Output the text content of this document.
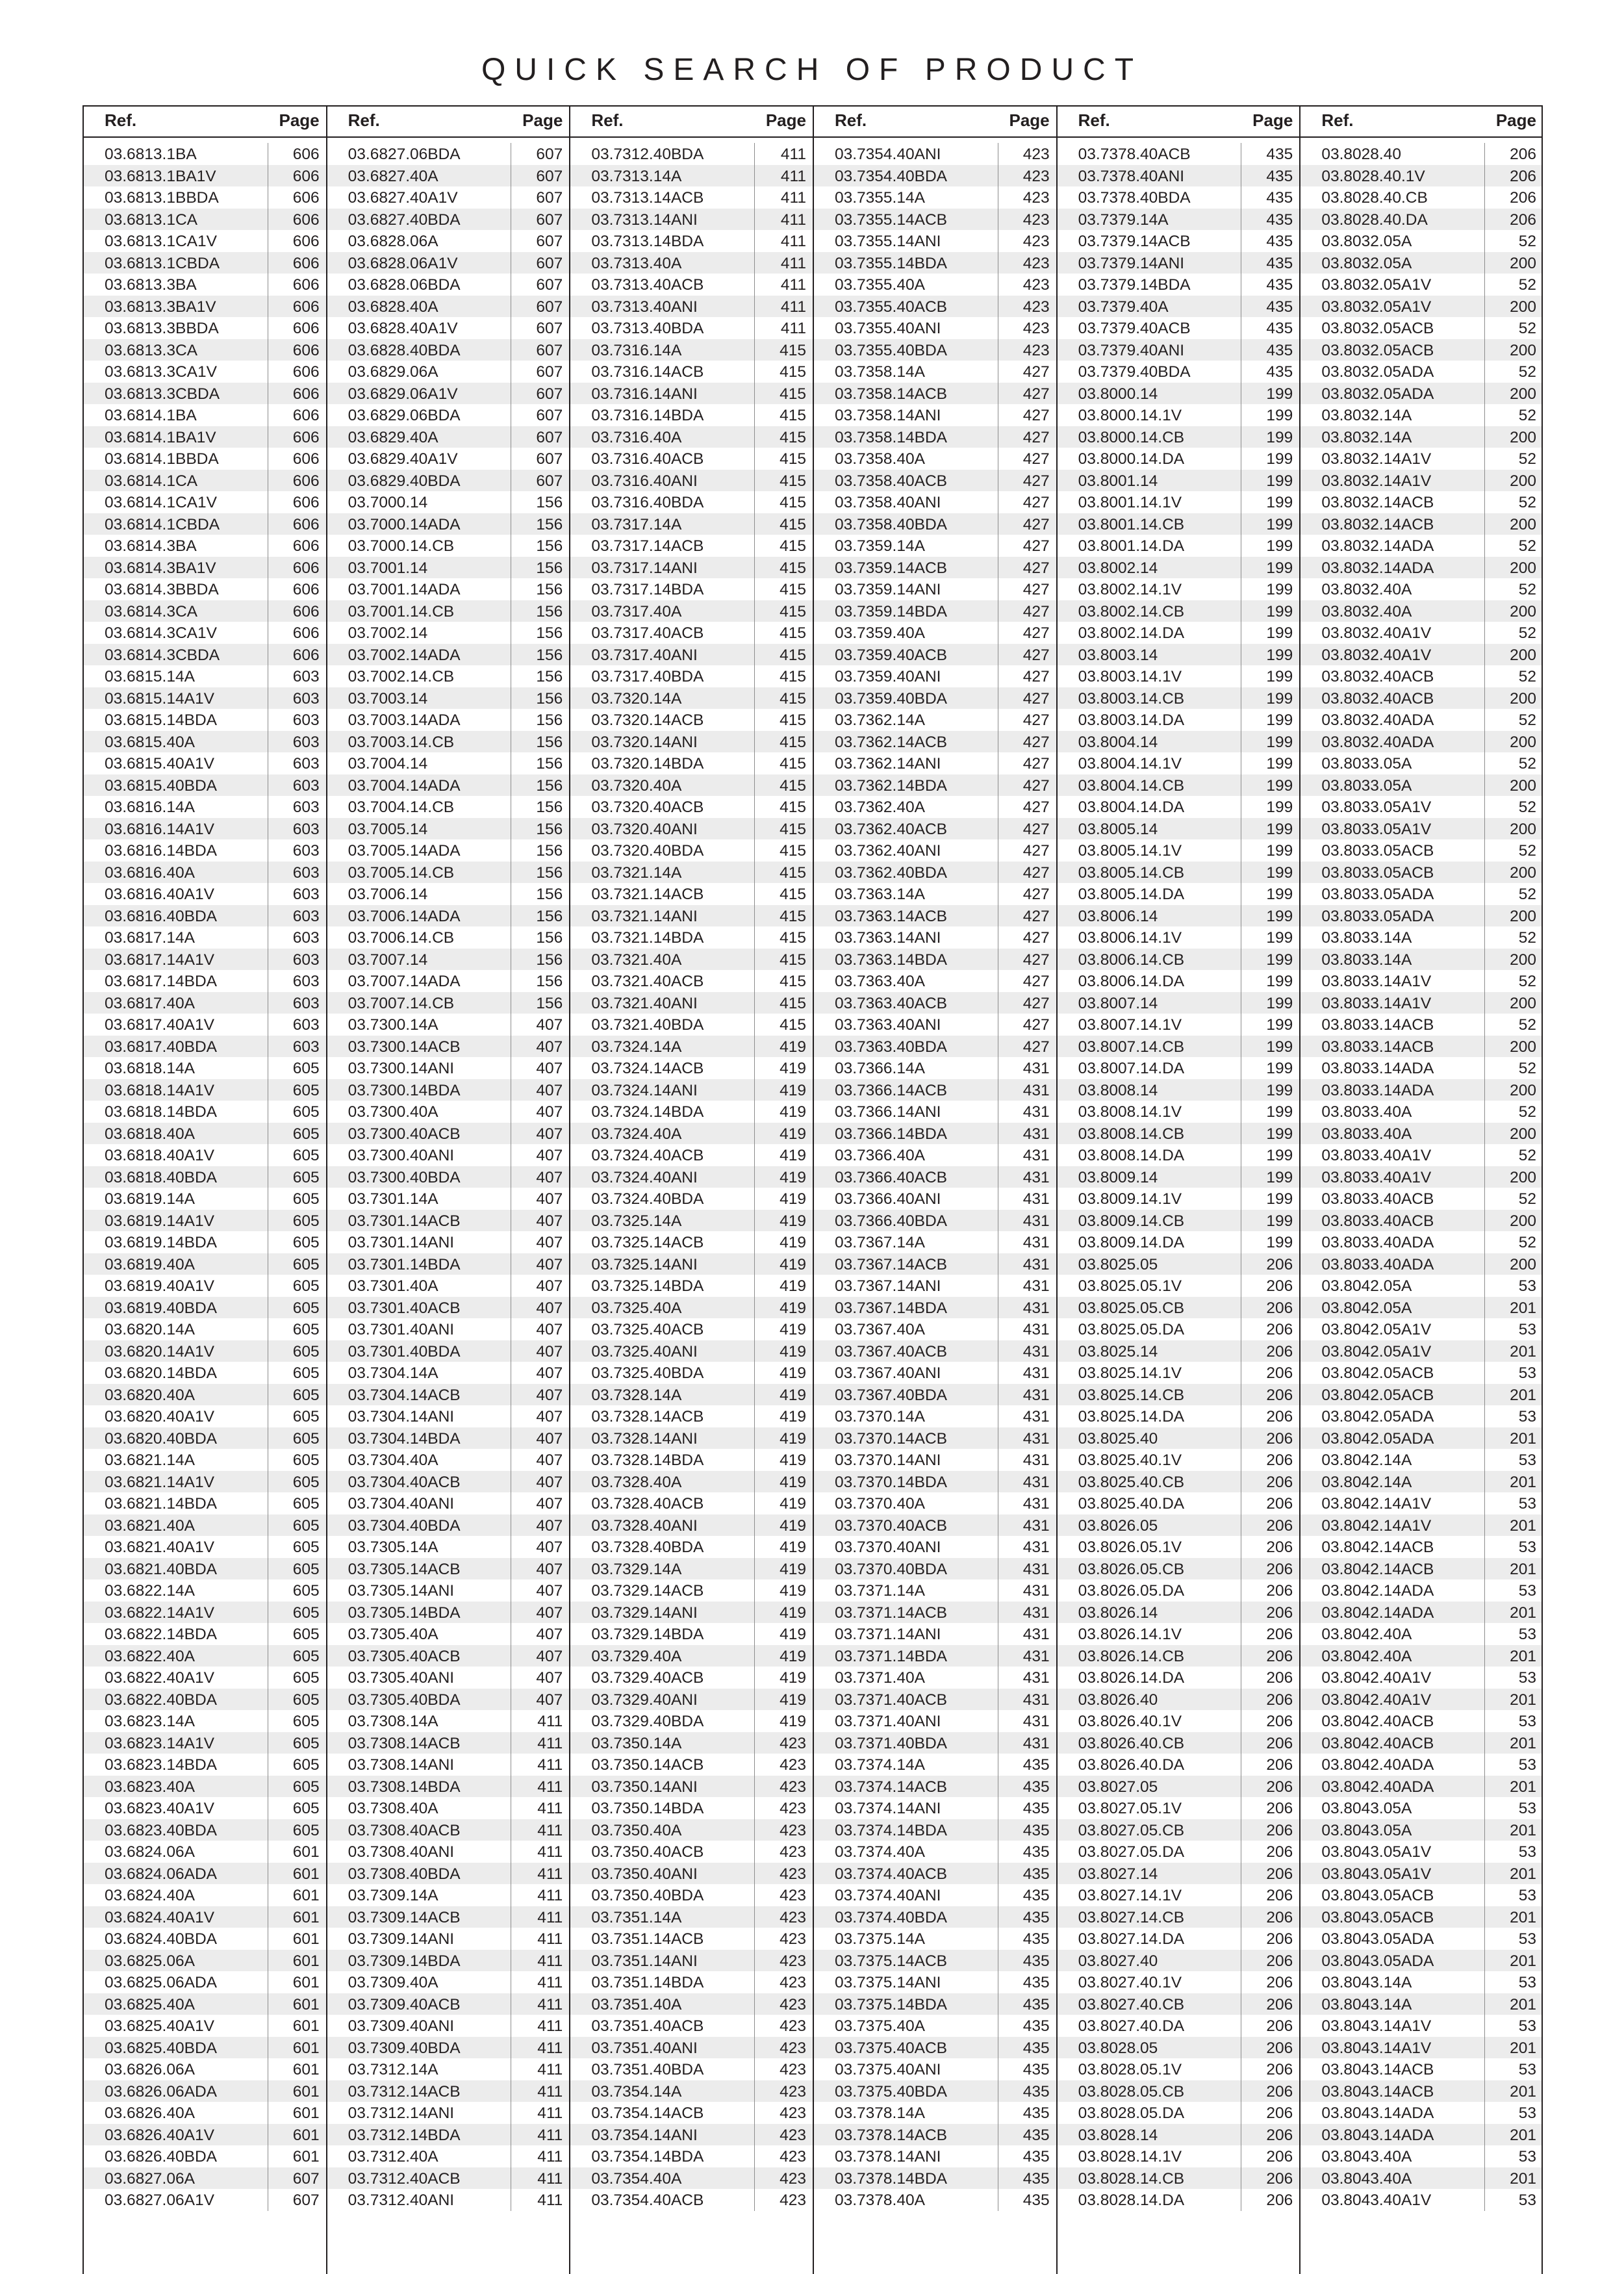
QUICK SEARCH OF PRODUCT
Ref.	Page
03.6813.1BA	606
03.6813.1BA1V	606
03.6813.1BBDA	606
03.6813.1CA	606
03.6813.1CA1V	606
03.6813.1CBDA	606
03.6813.3BA	606
03.6813.3BA1V	606
03.6813.3BBDA	606
03.6813.3CA	606
03.6813.3CA1V	606
03.6813.3CBDA	606
03.6814.1BA	606
03.6814.1BA1V	606
03.6814.1BBDA	606
03.6814.1CA	606
03.6814.1CA1V	606
03.6814.1CBDA	606
03.6814.3BA	606
03.6814.3BA1V	606
03.6814.3BBDA	606
03.6814.3CA	606
03.6814.3CA1V	606
03.6814.3CBDA	606
03.6815.14A	603
03.6815.14A1V	603
03.6815.14BDA	603
03.6815.40A	603
03.6815.40A1V	603
03.6815.40BDA	603
03.6816.14A	603
03.6816.14A1V	603
03.6816.14BDA	603
03.6816.40A	603
03.6816.40A1V	603
03.6816.40BDA	603
03.6817.14A	603
03.6817.14A1V	603
03.6817.14BDA	603
03.6817.40A	603
03.6817.40A1V	603
03.6817.40BDA	603
03.6818.14A	605
03.6818.14A1V	605
03.6818.14BDA	605
03.6818.40A	605
03.6818.40A1V	605
03.6818.40BDA	605
03.6819.14A	605
03.6819.14A1V	605
03.6819.14BDA	605
03.6819.40A	605
03.6819.40A1V	605
03.6819.40BDA	605
03.6820.14A	605
03.6820.14A1V	605
03.6820.14BDA	605
03.6820.40A	605
03.6820.40A1V	605
03.6820.40BDA	605
03.6821.14A	605
03.6821.14A1V	605
03.6821.14BDA	605
03.6821.40A	605
03.6821.40A1V	605
03.6821.40BDA	605
03.6822.14A	605
03.6822.14A1V	605
03.6822.14BDA	605
03.6822.40A	605
03.6822.40A1V	605
03.6822.40BDA	605
03.6823.14A	605
03.6823.14A1V	605
03.6823.14BDA	605
03.6823.40A	605
03.6823.40A1V	605
03.6823.40BDA	605
03.6824.06A	601
03.6824.06ADA	601
03.6824.40A	601
03.6824.40A1V	601
03.6824.40BDA	601
03.6825.06A	601
03.6825.06ADA	601
03.6825.40A	601
03.6825.40A1V	601
03.6825.40BDA	601
03.6826.06A	601
03.6826.06ADA	601
03.6826.40A	601
03.6826.40A1V	601
03.6826.40BDA	601
03.6827.06A	607
03.6827.06A1V	607
Ref.	Page
03.6827.06BDA	607
03.6827.40A	607
03.6827.40A1V	607
03.6827.40BDA	607
03.6828.06A	607
03.6828.06A1V	607
03.6828.06BDA	607
03.6828.40A	607
03.6828.40A1V	607
03.6828.40BDA	607
03.6829.06A	607
03.6829.06A1V	607
03.6829.06BDA	607
03.6829.40A	607
03.6829.40A1V	607
03.6829.40BDA	607
03.7000.14	156
03.7000.14ADA	156
03.7000.14.CB	156
03.7001.14	156
03.7001.14ADA	156
03.7001.14.CB	156
03.7002.14	156
03.7002.14ADA	156
03.7002.14.CB	156
03.7003.14	156
03.7003.14ADA	156
03.7003.14.CB	156
03.7004.14	156
03.7004.14ADA	156
03.7004.14.CB	156
03.7005.14	156
03.7005.14ADA	156
03.7005.14.CB	156
03.7006.14	156
03.7006.14ADA	156
03.7006.14.CB	156
03.7007.14	156
03.7007.14ADA	156
03.7007.14.CB	156
03.7300.14A	407
03.7300.14ACB	407
03.7300.14ANI	407
03.7300.14BDA	407
03.7300.40A	407
03.7300.40ACB	407
03.7300.40ANI	407
03.7300.40BDA	407
03.7301.14A	407
03.7301.14ACB	407
03.7301.14ANI	407
03.7301.14BDA	407
03.7301.40A	407
03.7301.40ACB	407
03.7301.40ANI	407
03.7301.40BDA	407
03.7304.14A	407
03.7304.14ACB	407
03.7304.14ANI	407
03.7304.14BDA	407
03.7304.40A	407
03.7304.40ACB	407
03.7304.40ANI	407
03.7304.40BDA	407
03.7305.14A	407
03.7305.14ACB	407
03.7305.14ANI	407
03.7305.14BDA	407
03.7305.40A	407
03.7305.40ACB	407
03.7305.40ANI	407
03.7305.40BDA	407
03.7308.14A	411
03.7308.14ACB	411
03.7308.14ANI	411
03.7308.14BDA	411
03.7308.40A	411
03.7308.40ACB	411
03.7308.40ANI	411
03.7308.40BDA	411
03.7309.14A	411
03.7309.14ACB	411
03.7309.14ANI	411
03.7309.14BDA	411
03.7309.40A	411
03.7309.40ACB	411
03.7309.40ANI	411
03.7309.40BDA	411
03.7312.14A	411
03.7312.14ACB	411
03.7312.14ANI	411
03.7312.14BDA	411
03.7312.40A	411
03.7312.40ACB	411
03.7312.40ANI	411
Ref.	Page
03.7312.40BDA	411
03.7313.14A	411
03.7313.14ACB	411
03.7313.14ANI	411
03.7313.14BDA	411
03.7313.40A	411
03.7313.40ACB	411
03.7313.40ANI	411
03.7313.40BDA	411
03.7316.14A	415
03.7316.14ACB	415
03.7316.14ANI	415
03.7316.14BDA	415
03.7316.40A	415
03.7316.40ACB	415
03.7316.40ANI	415
03.7316.40BDA	415
03.7317.14A	415
03.7317.14ACB	415
03.7317.14ANI	415
03.7317.14BDA	415
03.7317.40A	415
03.7317.40ACB	415
03.7317.40ANI	415
03.7317.40BDA	415
03.7320.14A	415
03.7320.14ACB	415
03.7320.14ANI	415
03.7320.14BDA	415
03.7320.40A	415
03.7320.40ACB	415
03.7320.40ANI	415
03.7320.40BDA	415
03.7321.14A	415
03.7321.14ACB	415
03.7321.14ANI	415
03.7321.14BDA	415
03.7321.40A	415
03.7321.40ACB	415
03.7321.40ANI	415
03.7321.40BDA	415
03.7324.14A	419
03.7324.14ACB	419
03.7324.14ANI	419
03.7324.14BDA	419
03.7324.40A	419
03.7324.40ACB	419
03.7324.40ANI	419
03.7324.40BDA	419
03.7325.14A	419
03.7325.14ACB	419
03.7325.14ANI	419
03.7325.14BDA	419
03.7325.40A	419
03.7325.40ACB	419
03.7325.40ANI	419
03.7325.40BDA	419
03.7328.14A	419
03.7328.14ACB	419
03.7328.14ANI	419
03.7328.14BDA	419
03.7328.40A	419
03.7328.40ACB	419
03.7328.40ANI	419
03.7328.40BDA	419
03.7329.14A	419
03.7329.14ACB	419
03.7329.14ANI	419
03.7329.14BDA	419
03.7329.40A	419
03.7329.40ACB	419
03.7329.40ANI	419
03.7329.40BDA	419
03.7350.14A	423
03.7350.14ACB	423
03.7350.14ANI	423
03.7350.14BDA	423
03.7350.40A	423
03.7350.40ACB	423
03.7350.40ANI	423
03.7350.40BDA	423
03.7351.14A	423
03.7351.14ACB	423
03.7351.14ANI	423
03.7351.14BDA	423
03.7351.40A	423
03.7351.40ACB	423
03.7351.40ANI	423
03.7351.40BDA	423
03.7354.14A	423
03.7354.14ACB	423
03.7354.14ANI	423
03.7354.14BDA	423
03.7354.40A	423
03.7354.40ACB	423
Ref.	Page
03.7354.40ANI	423
03.7354.40BDA	423
03.7355.14A	423
03.7355.14ACB	423
03.7355.14ANI	423
03.7355.14BDA	423
03.7355.40A	423
03.7355.40ACB	423
03.7355.40ANI	423
03.7355.40BDA	423
03.7358.14A	427
03.7358.14ACB	427
03.7358.14ANI	427
03.7358.14BDA	427
03.7358.40A	427
03.7358.40ACB	427
03.7358.40ANI	427
03.7358.40BDA	427
03.7359.14A	427
03.7359.14ACB	427
03.7359.14ANI	427
03.7359.14BDA	427
03.7359.40A	427
03.7359.40ACB	427
03.7359.40ANI	427
03.7359.40BDA	427
03.7362.14A	427
03.7362.14ACB	427
03.7362.14ANI	427
03.7362.14BDA	427
03.7362.40A	427
03.7362.40ACB	427
03.7362.40ANI	427
03.7362.40BDA	427
03.7363.14A	427
03.7363.14ACB	427
03.7363.14ANI	427
03.7363.14BDA	427
03.7363.40A	427
03.7363.40ACB	427
03.7363.40ANI	427
03.7363.40BDA	427
03.7366.14A	431
03.7366.14ACB	431
03.7366.14ANI	431
03.7366.14BDA	431
03.7366.40A	431
03.7366.40ACB	431
03.7366.40ANI	431
03.7366.40BDA	431
03.7367.14A	431
03.7367.14ACB	431
03.7367.14ANI	431
03.7367.14BDA	431
03.7367.40A	431
03.7367.40ACB	431
03.7367.40ANI	431
03.7367.40BDA	431
03.7370.14A	431
03.7370.14ACB	431
03.7370.14ANI	431
03.7370.14BDA	431
03.7370.40A	431
03.7370.40ACB	431
03.7370.40ANI	431
03.7370.40BDA	431
03.7371.14A	431
03.7371.14ACB	431
03.7371.14ANI	431
03.7371.14BDA	431
03.7371.40A	431
03.7371.40ACB	431
03.7371.40ANI	431
03.7371.40BDA	431
03.7374.14A	435
03.7374.14ACB	435
03.7374.14ANI	435
03.7374.14BDA	435
03.7374.40A	435
03.7374.40ACB	435
03.7374.40ANI	435
03.7374.40BDA	435
03.7375.14A	435
03.7375.14ACB	435
03.7375.14ANI	435
03.7375.14BDA	435
03.7375.40A	435
03.7375.40ACB	435
03.7375.40ANI	435
03.7375.40BDA	435
03.7378.14A	435
03.7378.14ACB	435
03.7378.14ANI	435
03.7378.14BDA	435
03.7378.40A	435
Ref.	Page
03.7378.40ACB	435
03.7378.40ANI	435
03.7378.40BDA	435
03.7379.14A	435
03.7379.14ACB	435
03.7379.14ANI	435
03.7379.14BDA	435
03.7379.40A	435
03.7379.40ACB	435
03.7379.40ANI	435
03.7379.40BDA	435
03.8000.14	199
03.8000.14.1V	199
03.8000.14.CB	199
03.8000.14.DA	199
03.8001.14	199
03.8001.14.1V	199
03.8001.14.CB	199
03.8001.14.DA	199
03.8002.14	199
03.8002.14.1V	199
03.8002.14.CB	199
03.8002.14.DA	199
03.8003.14	199
03.8003.14.1V	199
03.8003.14.CB	199
03.8003.14.DA	199
03.8004.14	199
03.8004.14.1V	199
03.8004.14.CB	199
03.8004.14.DA	199
03.8005.14	199
03.8005.14.1V	199
03.8005.14.CB	199
03.8005.14.DA	199
03.8006.14	199
03.8006.14.1V	199
03.8006.14.CB	199
03.8006.14.DA	199
03.8007.14	199
03.8007.14.1V	199
03.8007.14.CB	199
03.8007.14.DA	199
03.8008.14	199
03.8008.14.1V	199
03.8008.14.CB	199
03.8008.14.DA	199
03.8009.14	199
03.8009.14.1V	199
03.8009.14.CB	199
03.8009.14.DA	199
03.8025.05	206
03.8025.05.1V	206
03.8025.05.CB	206
03.8025.05.DA	206
03.8025.14	206
03.8025.14.1V	206
03.8025.14.CB	206
03.8025.14.DA	206
03.8025.40	206
03.8025.40.1V	206
03.8025.40.CB	206
03.8025.40.DA	206
03.8026.05	206
03.8026.05.1V	206
03.8026.05.CB	206
03.8026.05.DA	206
03.8026.14	206
03.8026.14.1V	206
03.8026.14.CB	206
03.8026.14.DA	206
03.8026.40	206
03.8026.40.1V	206
03.8026.40.CB	206
03.8026.40.DA	206
03.8027.05	206
03.8027.05.1V	206
03.8027.05.CB	206
03.8027.05.DA	206
03.8027.14	206
03.8027.14.1V	206
03.8027.14.CB	206
03.8027.14.DA	206
03.8027.40	206
03.8027.40.1V	206
03.8027.40.CB	206
03.8027.40.DA	206
03.8028.05	206
03.8028.05.1V	206
03.8028.05.CB	206
03.8028.05.DA	206
03.8028.14	206
03.8028.14.1V	206
03.8028.14.CB	206
03.8028.14.DA	206
Ref.	Page
03.8028.40	206
03.8028.40.1V	206
03.8028.40.CB	206
03.8028.40.DA	206
03.8032.05A	52
03.8032.05A	200
03.8032.05A1V	52
03.8032.05A1V	200
03.8032.05ACB	52
03.8032.05ACB	200
03.8032.05ADA	52
03.8032.05ADA	200
03.8032.14A	52
03.8032.14A	200
03.8032.14A1V	52
03.8032.14A1V	200
03.8032.14ACB	52
03.8032.14ACB	200
03.8032.14ADA	52
03.8032.14ADA	200
03.8032.40A	52
03.8032.40A	200
03.8032.40A1V	52
03.8032.40A1V	200
03.8032.40ACB	52
03.8032.40ACB	200
03.8032.40ADA	52
03.8032.40ADA	200
03.8033.05A	52
03.8033.05A	200
03.8033.05A1V	52
03.8033.05A1V	200
03.8033.05ACB	52
03.8033.05ACB	200
03.8033.05ADA	52
03.8033.05ADA	200
03.8033.14A	52
03.8033.14A	200
03.8033.14A1V	52
03.8033.14A1V	200
03.8033.14ACB	52
03.8033.14ACB	200
03.8033.14ADA	52
03.8033.14ADA	200
03.8033.40A	52
03.8033.40A	200
03.8033.40A1V	52
03.8033.40A1V	200
03.8033.40ACB	52
03.8033.40ACB	200
03.8033.40ADA	52
03.8033.40ADA	200
03.8042.05A	53
03.8042.05A	201
03.8042.05A1V	53
03.8042.05A1V	201
03.8042.05ACB	53
03.8042.05ACB	201
03.8042.05ADA	53
03.8042.05ADA	201
03.8042.14A	53
03.8042.14A	201
03.8042.14A1V	53
03.8042.14A1V	201
03.8042.14ACB	53
03.8042.14ACB	201
03.8042.14ADA	53
03.8042.14ADA	201
03.8042.40A	53
03.8042.40A	201
03.8042.40A1V	53
03.8042.40A1V	201
03.8042.40ACB	53
03.8042.40ACB	201
03.8042.40ADA	53
03.8042.40ADA	201
03.8043.05A	53
03.8043.05A	201
03.8043.05A1V	53
03.8043.05A1V	201
03.8043.05ACB	53
03.8043.05ACB	201
03.8043.05ADA	53
03.8043.05ADA	201
03.8043.14A	53
03.8043.14A	201
03.8043.14A1V	53
03.8043.14A1V	201
03.8043.14ACB	53
03.8043.14ACB	201
03.8043.14ADA	53
03.8043.14ADA	201
03.8043.40A	53
03.8043.40A	201
03.8043.40A1V	53
